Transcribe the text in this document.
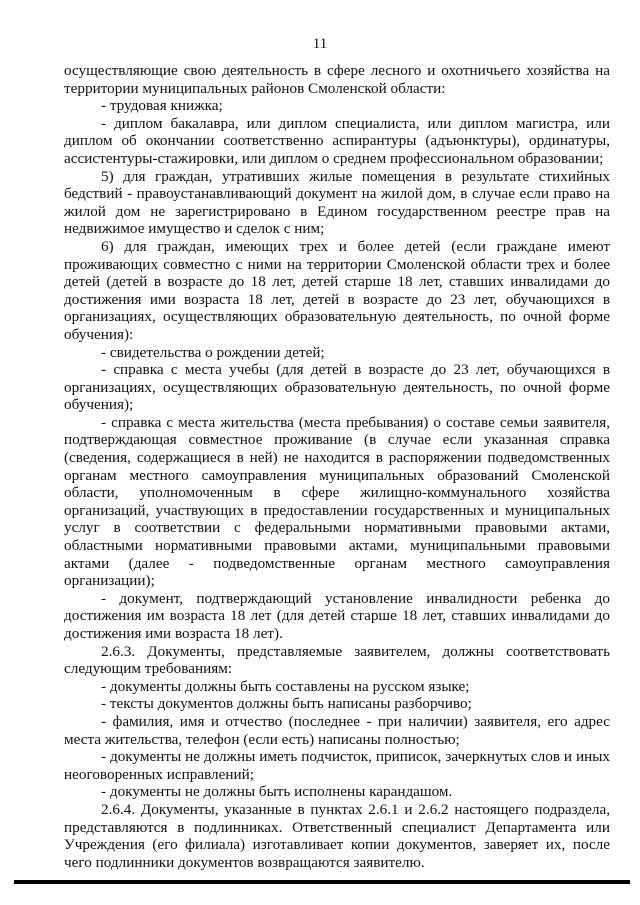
11

осуществляющие свою деятельность в сфере лесного и охотничьего хозяйства на территории муниципальных районов Смоленской области:

- трудовая книжка;

- диплом бакалавра, или диплом специалиста, или диплом магистра, или диплом об окончании соответственно аспирантуры (адъюнктуры), ординатуры, ассистентуры-стажировки, или диплом о среднем профессиональном образовании;

5) для граждан, утративших жилые помещения в результате стихийных бедствий - правоустанавливающий документ на жилой дом, в случае если право на жилой дом не зарегистрировано в Едином государственном реестре прав на недвижимое имущество и сделок с ним;

6) для граждан, имеющих трех и более детей (если граждане имеют проживающих совместно с ними на территории Смоленской области трех и более детей (детей в возрасте до 18 лет, детей старше 18 лет, ставших инвалидами до достижения ими возраста 18 лет, детей в возрасте до 23 лет, обучающихся в организациях, осуществляющих образовательную деятельность, по очной форме обучения):

- свидетельства о рождении детей;

- справка с места учебы (для детей в возрасте до 23 лет, обучающихся в организациях, осуществляющих образовательную деятельность, по очной форме обучения);

- справка с места жительства (места пребывания) о составе семьи заявителя, подтверждающая совместное проживание (в случае если указанная справка (сведения, содержащиеся в ней) не находится в распоряжении подведомственных органам местного самоуправления муниципальных образований Смоленской области, уполномоченным в сфере жилищно-коммунального хозяйства организаций, участвующих в предоставлении государственных и муниципальных услуг в соответствии с федеральными нормативными правовыми актами, областными нормативными правовыми актами, муниципальными правовыми актами (далее - подведомственные органам местного самоуправления организации);

- документ, подтверждающий установление инвалидности ребенка до достижения им возраста 18 лет (для детей старше 18 лет, ставших инвалидами до достижения ими возраста 18 лет).

2.6.3. Документы, представляемые заявителем, должны соответствовать следующим требованиям:

- документы должны быть составлены на русском языке;

- тексты документов должны быть написаны разборчиво;

- фамилия, имя и отчество (последнее - при наличии) заявителя, его адрес места жительства, телефон (если есть) написаны полностью;

- документы не должны иметь подчисток, приписок, зачеркнутых слов и иных неоговоренных исправлений;

- документы не должны быть исполнены карандашом.

2.6.4. Документы, указанные в пунктах 2.6.1 и 2.6.2 настоящего подраздела, представляются в подлинниках. Ответственный специалист Департамента или Учреждения (его филиала) изготавливает копии документов, заверяет их, после чего подлинники документов возвращаются заявителю.
